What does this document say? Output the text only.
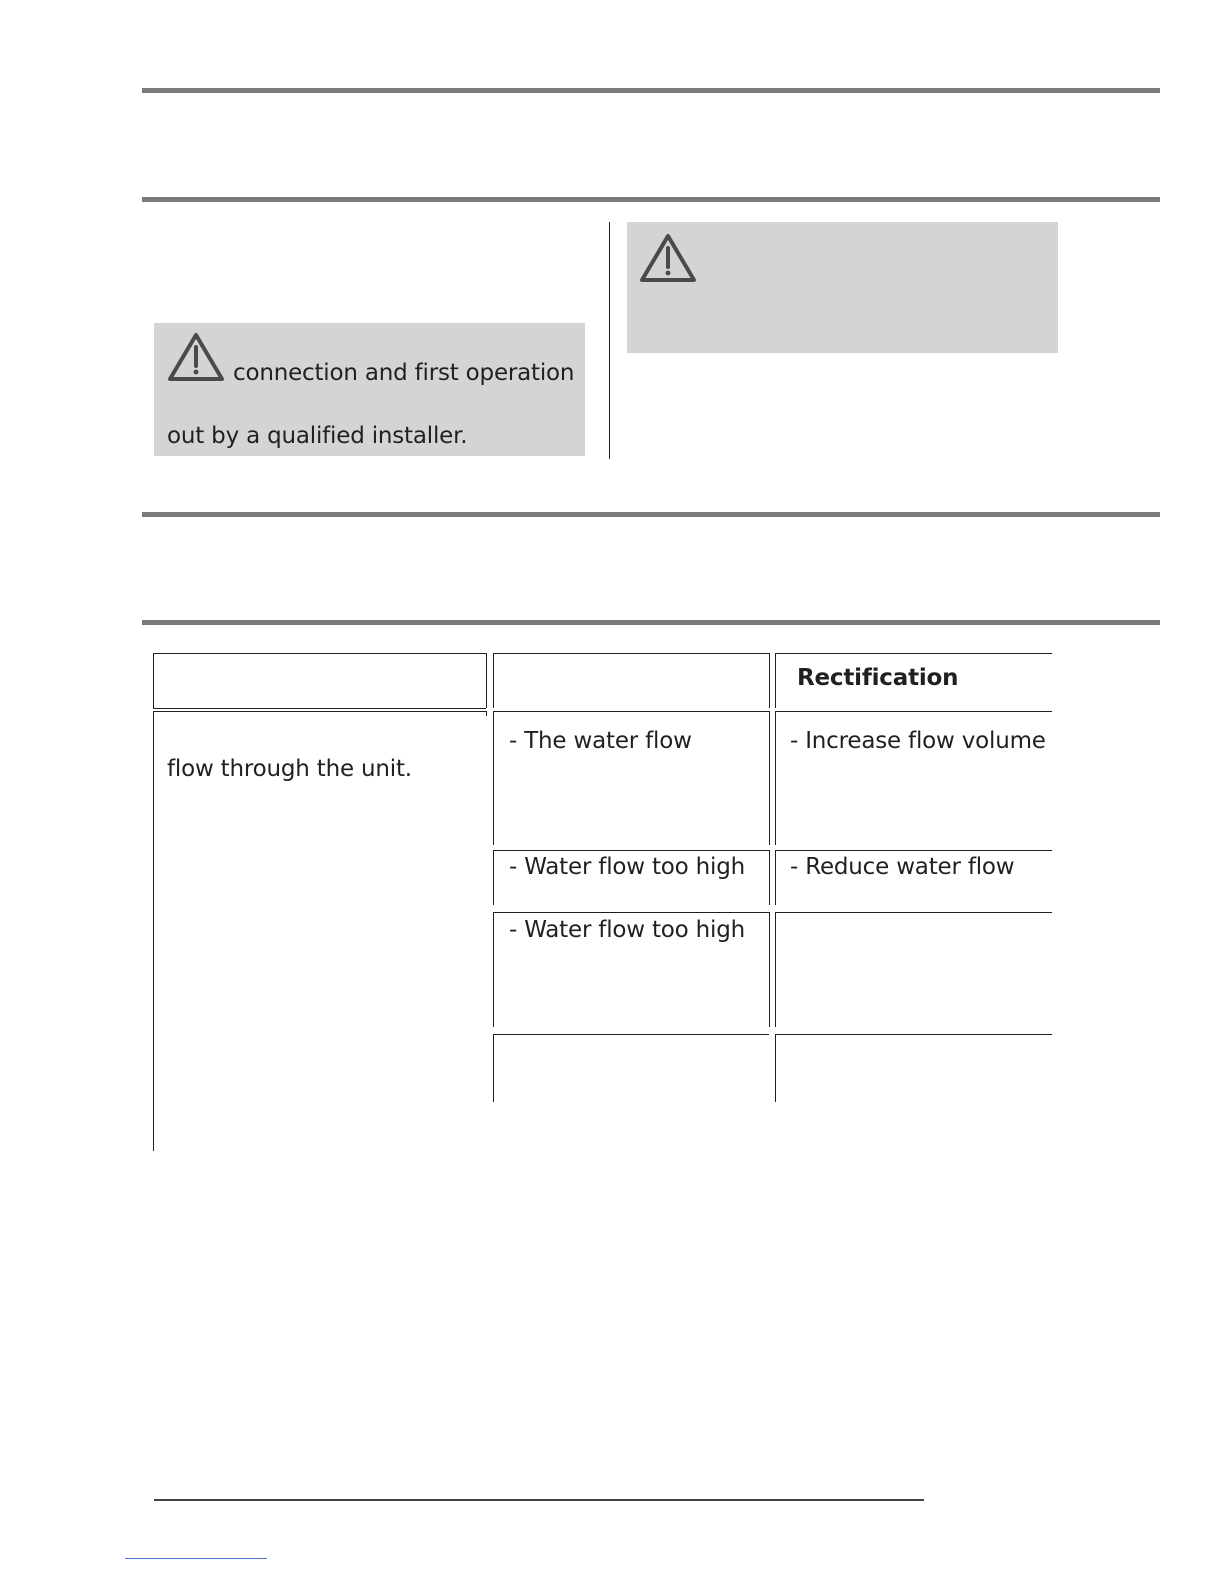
connection and first operation
out by a qualified installer.
Rectification
flow through the unit.
- The water flow	- Increase flow volume
- Water flow too high - Reduce water flow
- Water flow too high
